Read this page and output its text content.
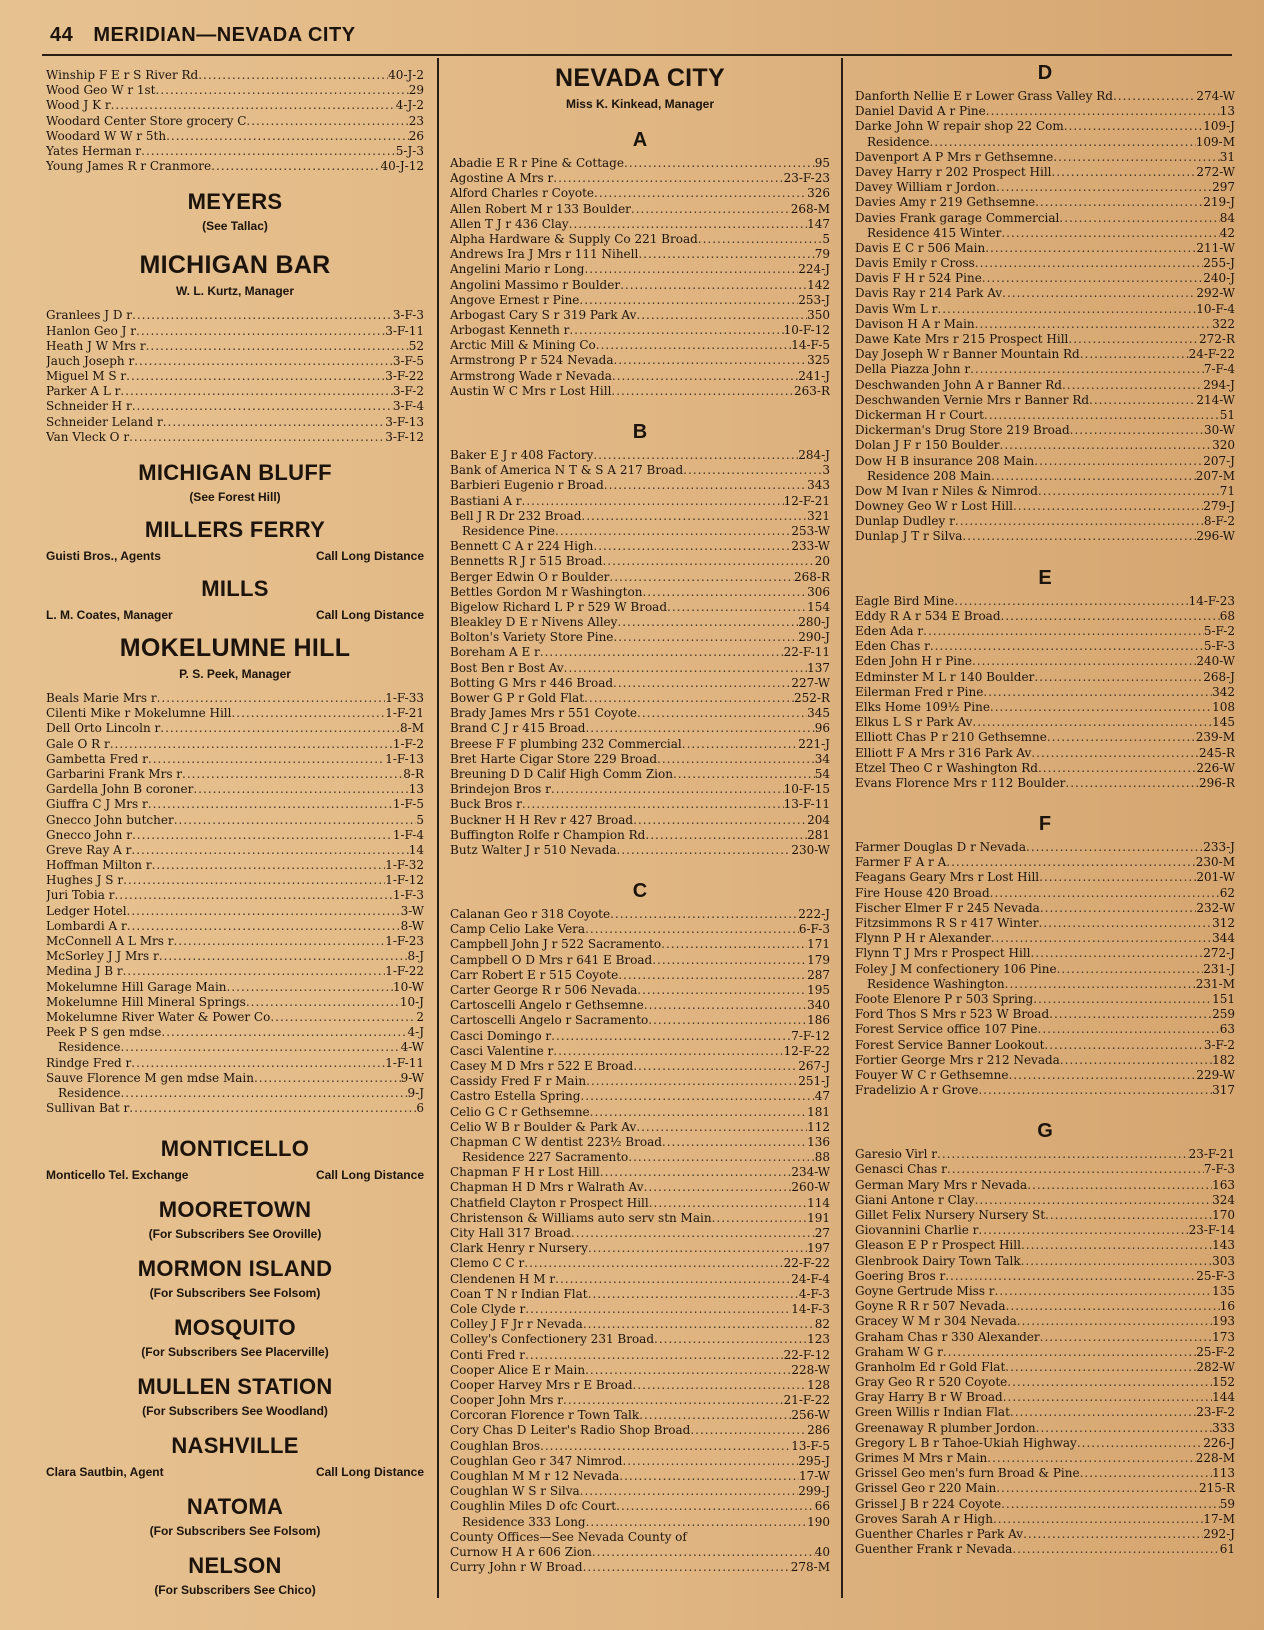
44 MERIDIAN—NEVADA CITY
Winship F E r S River Rd .....	40-J-2
Wood Geo W r 1st .....	29
Wood J K r .....	4-J-2
Woodard Center Store grocery C .....	23
Woodard W W r 5th .....	26
Yates Herman r .....	5-J-3
Young James R r Cranmore .....	40-J-12
MEYERS
(See Tallac)
MICHIGAN BAR
W. L. Kurtz, Manager
Granlees J D r .....	3-F-3
Hanlon Geo J r .....	3-F-11
Heath J W Mrs r .....	52
Jauch Joseph r .....	3-F-5
Miguel M S r .....	3-F-22
Parker A L r .....	3-F-2
Schneider H r .....	3-F-4
Schneider Leland r .....	3-F-13
Van Vleck O r .....	3-F-12
MICHIGAN BLUFF
(See Forest Hill)
MILLERS FERRY
Guisti Bros., Agents	Call Long Distance
MILLS
L. M. Coates, Manager	Call Long Distance
MOKELUMNE HILL
P. S. Peek, Manager
Beals Marie Mrs r .....	1-F-33
Cilenti Mike r Mokelumne Hill .....	1-F-21
Dell Orto Lincoln r .....	8-M
Gale O R r .....	1-F-2
Gambetta Fred r .....	1-F-13
Garbarini Frank Mrs r .....	8-R
Gardella John B coroner .....	13
Giuffra C J Mrs r .....	1-F-5
Gnecco John butcher .....	5
Gnecco John r .....	1-F-4
Greve Ray A r .....	14
Hoffman Milton r .....	1-F-32
Hughes J S r .....	1-F-12
Juri Tobia r .....	1-F-3
Ledger Hotel .....	3-W
Lombardi A r .....	8-W
McConnell A L Mrs r .....	1-F-23
McSorley J J Mrs r .....	8-J
Medina J B r .....	1-F-22
Mokelumne Hill Garage Main .....	10-W
Mokelumne Hill Mineral Springs .....	10-J
Mokelumne River Water & Power Co .....	2
Peek P S gen mdse .....	4-J
Residence .....	4-W
Rindge Fred r .....	1-F-11
Sauve Florence M gen mdse Main .....	9-W
Residence .....	9-J
Sullivan Bat r .....	6
MONTICELLO
Monticello Tel. Exchange	Call Long Distance
MOORETOWN
(For Subscribers See Oroville)
MORMON ISLAND
(For Subscribers See Folsom)
MOSQUITO
(For Subscribers See Placerville)
MULLEN STATION
(For Subscribers See Woodland)
NASHVILLE
Clara Sautbin, Agent	Call Long Distance
NATOMA
(For Subscribers See Folsom)
NELSON
(For Subscribers See Chico)
NEVADA CITY
Miss K. Kinkead, Manager
A
Abadie E R r Pine & Cottage .....	95
Agostine A Mrs r .....	23-F-23
Alford Charles r Coyote .....	326
Allen Robert M r 133 Boulder .....	268-M
Allen T J r 436 Clay .....	147
Alpha Hardware & Supply Co 221 Broad .....	5
Andrews Ira J Mrs r 111 Nihell .....	79
Angelini Mario r Long .....	224-J
Angolini Massimo r Boulder .....	142
Angove Ernest r Pine .....	253-J
Arbogast Cary S r 319 Park Av .....	350
Arbogast Kenneth r .....	10-F-12
Arctic Mill & Mining Co .....	14-F-5
Armstrong P r 524 Nevada .....	325
Armstrong Wade r Nevada .....	241-J
Austin W C Mrs r Lost Hill .....	263-R
B
Baker E J r 408 Factory .....	284-J
Bank of America N T & S A 217 Broad .....	3
Barbieri Eugenio r Broad .....	343
Bastiani A r .....	12-F-21
Bell J R Dr 232 Broad .....	321
Residence Pine .....	253-W
Bennett C A r 224 High .....	233-W
Bennetts R J r 515 Broad .....	20
Berger Edwin O r Boulder .....	268-R
Bettles Gordon M r Washington .....	306
Bigelow Richard L P r 529 W Broad .....	154
Bleakley D E r Nivens Alley .....	280-J
Bolton's Variety Store Pine .....	290-J
Boreham A E r .....	22-F-11
Bost Ben r Bost Av .....	137
Botting G Mrs r 446 Broad .....	227-W
Bower G P r Gold Flat .....	252-R
Brady James Mrs r 551 Coyote .....	345
Brand C J r 415 Broad .....	96
Breese F F plumbing 232 Commercial .....	221-J
Bret Harte Cigar Store 229 Broad .....	34
Breuning D D Calif High Comm Zion .....	54
Brindejon Bros r .....	10-F-15
Buck Bros r .....	13-F-11
Buckner H H Rev r 427 Broad .....	204
Buffington Rolfe r Champion Rd .....	281
Butz Walter J r 510 Nevada .....	230-W
C
Calanan Geo r 318 Coyote .....	222-J
Camp Celio Lake Vera .....	6-F-3
Campbell John J r 522 Sacramento .....	171
Campbell O D Mrs r 641 E Broad .....	179
Carr Robert E r 515 Coyote .....	287
Carter George R r 506 Nevada .....	195
Cartoscelli Angelo r Gethsemne .....	340
Cartoscelli Angelo r Sacramento .....	186
Casci Domingo r .....	7-F-12
Casci Valentine r .....	12-F-22
Casey M D Mrs r 522 E Broad .....	267-J
Cassidy Fred F r Main .....	251-J
Castro Estella Spring .....	47
Celio G C r Gethsemne .....	181
Celio W B r Boulder & Park Av .....	112
Chapman C W dentist 223½ Broad .....	136
Residence 227 Sacramento .....	88
Chapman F H r Lost Hill .....	234-W
Chapman H D Mrs r Walrath Av .....	260-W
Chatfield Clayton r Prospect Hill .....	114
Christenson & Williams auto serv stn Main .....	191
City Hall 317 Broad .....	27
Clark Henry r Nursery .....	197
Clemo C C r .....	22-F-22
Clendenen H M r .....	24-F-4
Coan T N r Indian Flat .....	4-F-3
Cole Clyde r .....	14-F-3
Colley J F Jr r Nevada .....	82
Colley's Confectionery 231 Broad .....	123
Conti Fred r .....	22-F-12
Cooper Alice E r Main .....	228-W
Cooper Harvey Mrs r E Broad .....	128
Cooper John Mrs r .....	21-F-22
Corcoran Florence r Town Talk .....	256-W
Cory Chas D Leiter's Radio Shop Broad .....	286
Coughlan Bros .....	13-F-5
Coughlan Geo r 347 Nimrod .....	295-J
Coughlan M M r 12 Nevada .....	17-W
Coughlan W S r Silva .....	299-J
Coughlin Miles D ofc Court .....	66
Residence 333 Long .....	190
County Offices—See Nevada County of
Curnow H A r 606 Zion .....	40
Curry John r W Broad .....	278-M
D
Danforth Nellie E r Lower Grass Valley Rd .....	274-W
Daniel David A r Pine .....	13
Darke John W repair shop 22 Com .....	109-J
Residence .....	109-M
Davenport A P Mrs r Gethsemne .....	31
Davey Harry r 202 Prospect Hill .....	272-W
Davey William r Jordon .....	297
Davies Amy r 219 Gethsemne .....	219-J
Davies Frank garage Commercial .....	84
Residence 415 Winter .....	42
Davis E C r 506 Main .....	211-W
Davis Emily r Cross .....	255-J
Davis F H r 524 Pine .....	240-J
Davis Ray r 214 Park Av .....	292-W
Davis Wm L r .....	10-F-4
Davison H A r Main .....	322
Dawe Kate Mrs r 215 Prospect Hill .....	272-R
Day Joseph W r Banner Mountain Rd .....	24-F-22
Della Piazza John r .....	7-F-4
Deschwanden John A r Banner Rd .....	294-J
Deschwanden Vernie Mrs r Banner Rd .....	214-W
Dickerman H r Court .....	51
Dickerman's Drug Store 219 Broad .....	30-W
Dolan J F r 150 Boulder .....	320
Dow H B insurance 208 Main .....	207-J
Residence 208 Main .....	207-M
Dow M Ivan r Niles & Nimrod .....	71
Downey Geo W r Lost Hill .....	279-J
Dunlap Dudley r .....	8-F-2
Dunlap J T r Silva .....	296-W
E
Eagle Bird Mine .....	14-F-23
Eddy R A r 534 E Broad .....	68
Eden Ada r .....	5-F-2
Eden Chas r .....	5-F-3
Eden John H r Pine .....	240-W
Edminster M L r 140 Boulder .....	268-J
Eilerman Fred r Pine .....	342
Elks Home 109½ Pine .....	108
Elkus L S r Park Av .....	145
Elliott Chas P r 210 Gethsemne .....	239-M
Elliott F A Mrs r 316 Park Av .....	245-R
Etzel Theo C r Washington Rd .....	226-W
Evans Florence Mrs r 112 Boulder .....	296-R
F
Farmer Douglas D r Nevada .....	233-J
Farmer F A r A .....	230-M
Feagans Geary Mrs r Lost Hill .....	201-W
Fire House 420 Broad .....	62
Fischer Elmer F r 245 Nevada .....	232-W
Fitzsimmons R S r 417 Winter .....	312
Flynn P H r Alexander .....	344
Flynn T J Mrs r Prospect Hill .....	272-J
Foley J M confectionery 106 Pine .....	231-J
Residence Washington .....	231-M
Foote Elenore P r 503 Spring .....	151
Ford Thos S Mrs r 523 W Broad .....	259
Forest Service office 107 Pine .....	63
Forest Service Banner Lookout .....	3-F-2
Fortier George Mrs r 212 Nevada .....	182
Fouyer W C r Gethsemne .....	229-W
Fradelizio A r Grove .....	317
G
Garesio Virl r .....	23-F-21
Genasci Chas r .....	7-F-3
German Mary Mrs r Nevada .....	163
Giani Antone r Clay .....	324
Gillet Felix Nursery Nursery St .....	170
Giovannini Charlie r .....	23-F-14
Gleason E P r Prospect Hill .....	143
Glenbrook Dairy Town Talk .....	303
Goering Bros r .....	25-F-3
Goyne Gertrude Miss r .....	135
Goyne R R r 507 Nevada .....	16
Gracey W M r 304 Nevada .....	193
Graham Chas r 330 Alexander .....	173
Graham W G r .....	25-F-2
Granholm Ed r Gold Flat .....	282-W
Gray Geo R r 520 Coyote .....	152
Gray Harry B r W Broad .....	144
Green Willis r Indian Flat .....	23-F-2
Greenaway R plumber Jordon .....	333
Gregory L B r Tahoe-Ukiah Highway .....	226-J
Grimes M Mrs r Main .....	228-M
Grissel Geo men's furn Broad & Pine .....	113
Grissel Geo r 220 Main .....	215-R
Grissel J B r 224 Coyote .....	59
Groves Sarah A r High .....	17-M
Guenther Charles r Park Av .....	292-J
Guenther Frank r Nevada .....	61
